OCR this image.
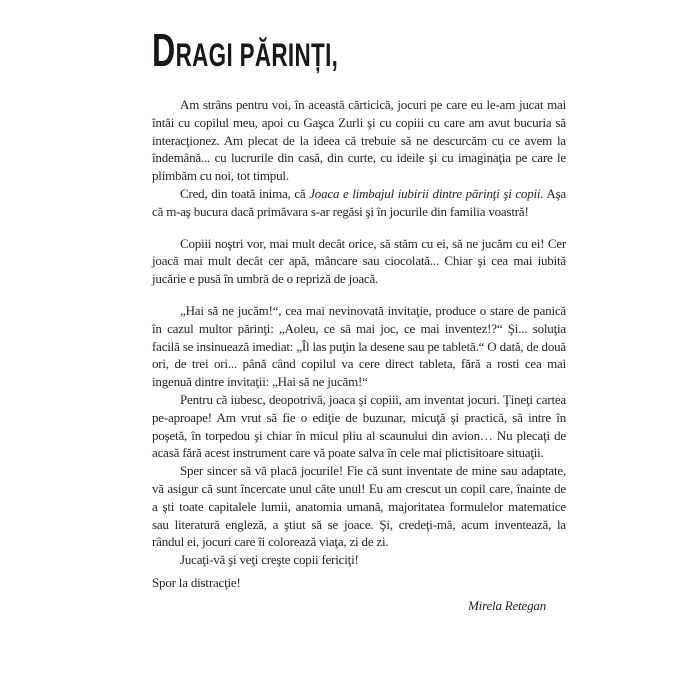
DRAGI PĂRINȚI,

Am strâns pentru voi, în această cărticică, jocuri pe care eu le-am jucat mai întâi cu copilul meu, apoi cu Gaşca Zurli şi cu copiii cu care am avut bucuria să interacţionez. Am plecat de la ideea că trebuie să ne descurcăm cu ce avem la îndemână... cu lucrurile din casă, din curte, cu ideile şi cu imaginaţia pe care le plimbăm cu noi, tot timpul.

Cred, din toată inima, că Joaca e limbajul iubirii dintre părinţi şi copii. Aşa că m-aş bucura dacă primăvara s-ar regăsi şi în jocurile din familia voastră!

Copiii noştri vor, mai mult decât orice, să stăm cu ei, să ne jucăm cu ei! Cer joacă mai mult decât cer apă, mâncare sau ciocolată... Chiar şi cea mai iubită jucărie e pusă în umbră de o repriză de joacă.

„Hai să ne jucăm!“, cea mai nevinovată invitaţie, produce o stare de panică în cazul multor părinţi: „Aoleu, ce să mai joc, ce mai inventez!?“ Şi... soluţia facilă se insinuează imediat: „Îl las puţin la desene sau pe tabletă.“ O dată, de două ori, de trei ori... până când copilul va cere direct tableta, fără a rosti cea mai ingenuă dintre invitaţii: „Hai să ne jucăm!“

Pentru că iubesc, deopotrivă, joaca şi copiii, am inventat jocuri. Ţineţi cartea pe-aproape! Am vrut să fie o ediţie de buzunar, micuţă şi practică, să intre în poşetă, în torpedou şi chiar în micul pliu al scaunului din avion… Nu plecaţi de acasă fără acest instrument care vă poate salva în cele mai plictisitoare situaţii.

Sper sincer să vă placă jocurile! Fie că sunt inventate de mine sau adaptate, vă asigur că sunt încercate unul câte unul! Eu am crescut un copil care, înainte de a şti toate capitalele lumii, anatomia umană, majoritatea formulelor matematice sau literatură engleză, a ştiut să se joace. Şi, credeţi-mă, acum inventează, la rândul ei, jocuri care îi colorează viaţa, zi de zi.

Jucaţi-vă şi veţi creşte copii fericiţi!

Spor la distracţie!

Mirela Retegan
